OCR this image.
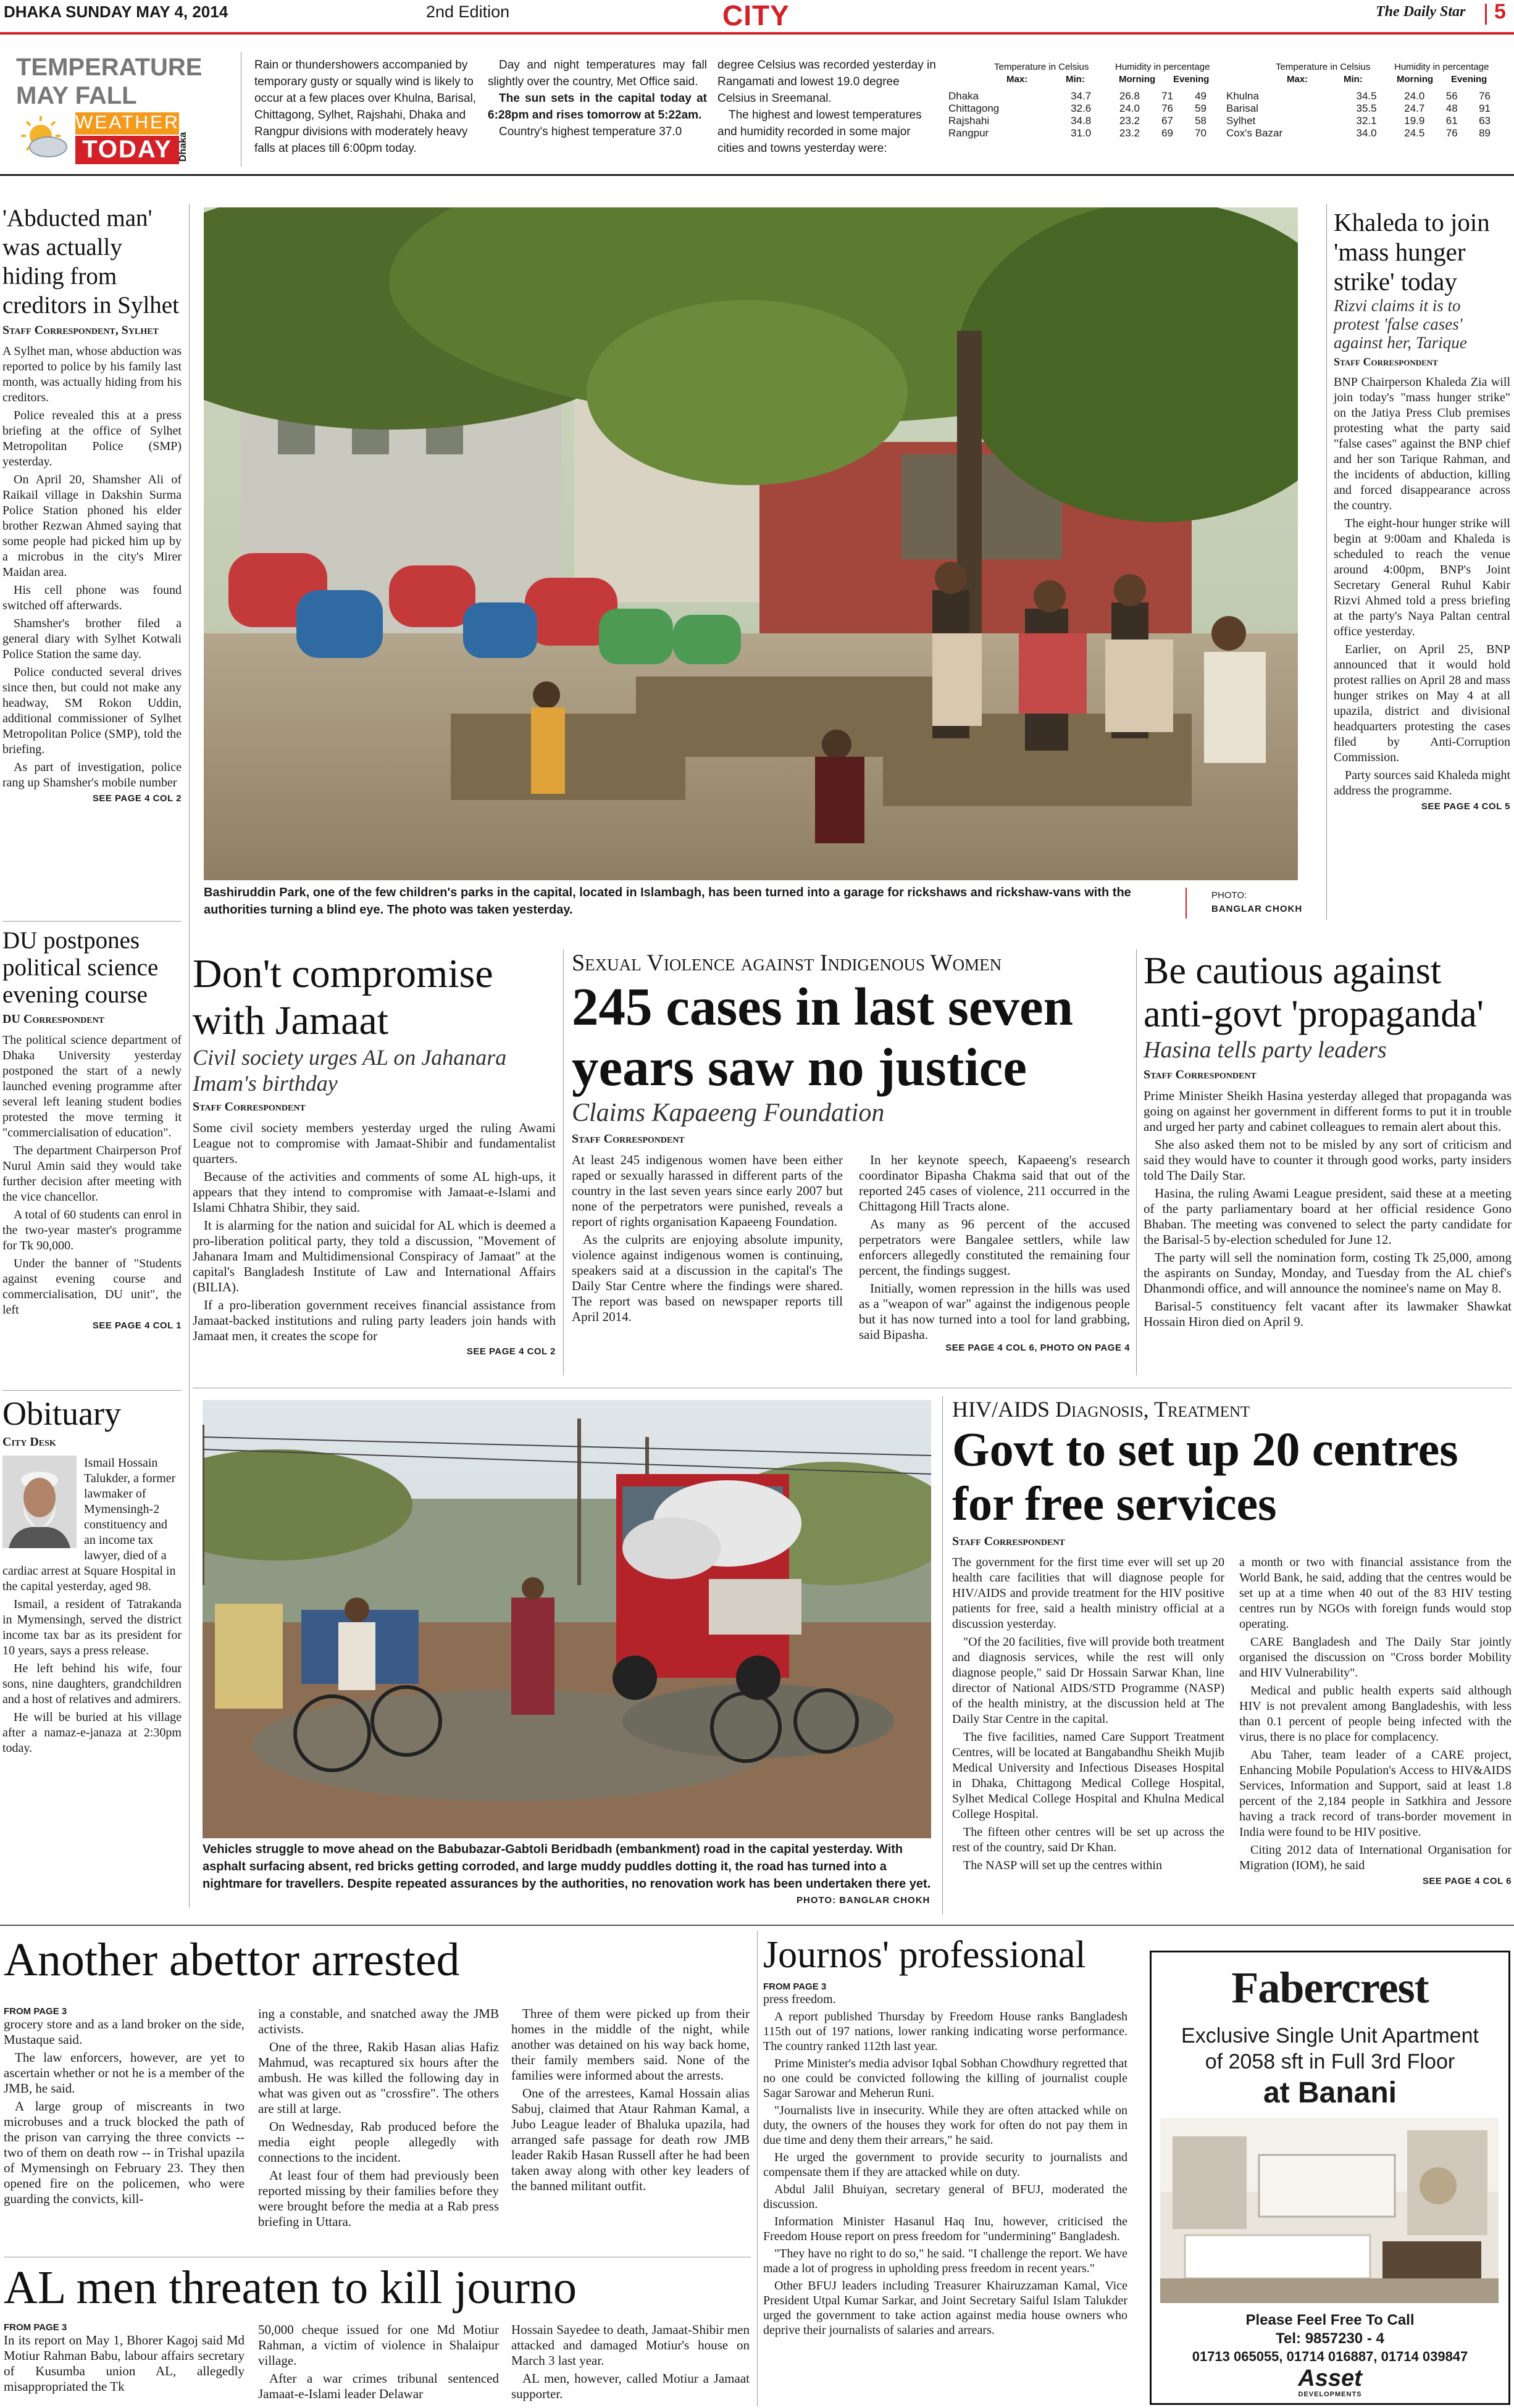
DHAKA SUNDAY MAY 4, 2014	2nd Edition	CITY	The Daily Star 5
TEMPERATURE MAY FALL
WEATHER
TODAY Dhaka
Rain or thundershowers accompanied by temporary gusty or squally wind is likely to occur at a few places over Khulna, Barisal, Chittagong, Sylhet, Rajshahi, Dhaka and Rangpur divisions with moderately heavy falls at places till 6:00pm today.
Day and night temperatures may fall slightly over the country, Met Office said.
The sun sets in the capital today at 6:28pm and rises tomorrow at 5:22am.
Country's highest temperature 37.0
degree Celsius was recorded yesterday in Rangamati and lowest 19.0 degree Celsius in Sreemanal.
The highest and lowest temperatures and humidity recorded in some major cities and towns yesterday were:
Temperature in Celsius	Humidity in percentage
Max:	Min:	Morning Evening
Dhaka	34.7	26.8	71	49
Chittagong	32.6	24.0	76	59
Rajshahi	34.8	23.2	67	58
Rangpur	31.0	23.2	69	70
Temperature in Celsius	Humidity in percentage
Max:	Min:	Morning Evening
Khulna	34.5	24.0	56	76
Barisal	35.5	24.7	48	91
Sylhet	32.1	19.9	61	63
Cox's Bazar	34.0	24.5	76	89
'Abducted man' was actually hiding from creditors in Sylhet
Staff Correspondent, Sylhet

A Sylhet man, whose abduction was reported to police by his family last month, was actually hiding from his creditors.

Police revealed this at a press briefing at the office of Sylhet Metropolitan Police (SMP) yesterday.

On April 20, Shamsher Ali of Raikail village in Dakshin Surma Police Station phoned his elder brother Rezwan Ahmed saying that some people had picked him up by a microbus in the city's Mirer Maidan area.

His cell phone was found switched off afterwards.

Shamsher's brother filed a general diary with Sylhet Kotwali Police Station the same day.

Police conducted several drives since then, but could not make any headway, SM Rokon Uddin, additional commissioner of Sylhet Metropolitan Police (SMP), told the briefing.

As part of investigation, police rang up Shamsher's mobile number

SEE PAGE 4 COL 2
DU postpones political science evening course
DU Correspondent

The political science department of Dhaka University yesterday postponed the start of a newly launched evening programme after several left leaning student bodies protested the move terming it "commercialisation of education".

The department Chairperson Prof Nurul Amin said they would take further decision after meeting with the vice chancellor.

A total of 60 students can enrol in the two-year master's programme for Tk 90,000.

Under the banner of "Students against evening course and commercialisation, DU unit", the left

SEE PAGE 4 COL 1
Obituary
City Desk

Ismail Hossain Talukder, a former lawmaker of Mymensingh-2 constituency and an income tax lawyer, died of a cardiac arrest at Square Hospital in the capital yesterday, aged 98.

Ismail, a resident of Tatrakanda in Mymensingh, served the district income tax bar as its president for 10 years, says a press release.

He left behind his wife, four sons, nine daughters, grandchildren and a host of relatives and admirers.

He will be buried at his village after a namaz-e-janaza at 2:30pm today.

Bashiruddin Park, one of the few children's parks in the capital, located in Islambagh, has been turned into a garage for rickshaws and rickshaw-vans with the authorities turning a blind eye. The photo was taken yesterday.
PHOTO:
BANGLAR CHOKH
Khaleda to join 'mass hunger strike' today
Rizvi claims it is to protest 'false cases' against her, Tarique
Staff Correspondent

BNP Chairperson Khaleda Zia will join today's "mass hunger strike" on the Jatiya Press Club premises protesting what the party said "false cases" against the BNP chief and her son Tarique Rahman, and the incidents of abduction, killing and forced disappearance across the country.

The eight-hour hunger strike will begin at 9:00am and Khaleda is scheduled to reach the venue around 4:00pm, BNP's Joint Secretary General Ruhul Kabir Rizvi Ahmed told a press briefing at the party's Naya Paltan central office yesterday.

Earlier, on April 25, BNP announced that it would hold protest rallies on April 28 and mass hunger strikes on May 4 at all upazila, district and divisional headquarters protesting the cases filed by Anti-Corruption Commission.

Party sources said Khaleda might address the programme.

SEE PAGE 4 COL 5
Don't compromise with Jamaat
Civil society urges AL on Jahanara Imam's birthday
Staff Correspondent

Some civil society members yesterday urged the ruling Awami League not to compromise with Jamaat-Shibir and fundamentalist quarters.

Because of the activities and comments of some AL high-ups, it appears that they intend to compromise with Jamaat-e-Islami and Islami Chhatra Shibir, they said.

It is alarming for the nation and suicidal for AL which is deemed a pro-liberation political party, they told a discussion, "Movement of Jahanara Imam and Multidimensional Conspiracy of Jamaat" at the capital's Bangladesh Institute of Law and International Affairs (BILIA).

If a pro-liberation government receives financial assistance from Jamaat-backed institutions and ruling party leaders join hands with Jamaat men, it creates the scope for

SEE PAGE 4 COL 2
Sexual Violence against Indigenous Women
245 cases in last seven years saw no justice
Claims Kapaeeng Foundation
Staff Correspondent

At least 245 indigenous women have been either raped or sexually harassed in different parts of the country in the last seven years since early 2007 but none of the perpetrators were punished, reveals a report of rights organisation Kapaeeng Foundation.

As the culprits are enjoying absolute impunity, violence against indigenous women is continuing, speakers said at a discussion in the capital's The Daily Star Centre where the findings were shared. The report was based on newspaper reports till April 2014.

In her keynote speech, Kapaeeng's research coordinator Bipasha Chakma said that out of the reported 245 cases of violence, 211 occurred in the Chittagong Hill Tracts alone.

As many as 96 percent of the accused perpetrators were Bangalee settlers, while law enforcers allegedly constituted the remaining four percent, the findings suggest.

Initially, women repression in the hills was used as a "weapon of war" against the indigenous people but it has now turned into a tool for land grabbing, said Bipasha.

SEE PAGE 4 COL 6, PHOTO ON PAGE 4
Be cautious against anti-govt 'propaganda'
Hasina tells party leaders
Staff Correspondent

Prime Minister Sheikh Hasina yesterday alleged that propaganda was going on against her government in different forms to put it in trouble and urged her party and cabinet colleagues to remain alert about this.

She also asked them not to be misled by any sort of criticism and said they would have to counter it through good works, party insiders told The Daily Star.

Hasina, the ruling Awami League president, said these at a meeting of the party parliamentary board at her official residence Gono Bhaban. The meeting was convened to select the party candidate for the Barisal-5 by-election scheduled for June 12.

The party will sell the nomination form, costing Tk 25,000, among the aspirants on Sunday, Monday, and Tuesday from the AL chief's Dhanmondi office, and will announce the nominee's name on May 8.

Barisal-5 constituency felt vacant after its lawmaker Shawkat Hossain Hiron died on April 9.

Vehicles struggle to move ahead on the Babubazar-Gabtoli Beridbadh (embankment) road in the capital yesterday. With asphalt surfacing absent, red bricks getting corroded, and large muddy puddles dotting it, the road has turned into a nightmare for travellers. Despite repeated assurances by the authorities, no renovation work has been undertaken there yet.
PHOTO: BANGLAR CHOKH
HIV/AIDS Diagnosis, Treatment
Govt to set up 20 centres for free services
Staff Correspondent

The government for the first time ever will set up 20 health care facilities that will diagnose people for HIV/AIDS and provide treatment for the HIV positive patients for free, said a health ministry official at a discussion yesterday.

"Of the 20 facilities, five will provide both treatment and diagnosis services, while the rest will only diagnose people," said Dr Hossain Sarwar Khan, line director of National AIDS/STD Programme (NASP) of the health ministry, at the discussion held at The Daily Star Centre in the capital.

The five facilities, named Care Support Treatment Centres, will be located at Bangabandhu Sheikh Mujib Medical University and Infectious Diseases Hospital in Dhaka, Chittagong Medical College Hospital, Sylhet Medical College Hospital and Khulna Medical College Hospital.

The fifteen other centres will be set up across the rest of the country, said Dr Khan.

The NASP will set up the centres within

a month or two with financial assistance from the World Bank, he said, adding that the centres would be set up at a time when 40 out of the 83 HIV testing centres run by NGOs with foreign funds would stop operating.

CARE Bangladesh and The Daily Star jointly organised the discussion on "Cross border Mobility and HIV Vulnerability".

Medical and public health experts said although HIV is not prevalent among Bangladeshis, with less than 0.1 percent of people being infected with the virus, there is no place for complacency.

Abu Taher, team leader of a CARE project, Enhancing Mobile Population's Access to HIV&AIDS Services, Information and Support, said at least 1.8 percent of the 2,184 people in Satkhira and Jessore having a track record of trans-border movement in India were found to be HIV positive.

Citing 2012 data of International Organisation for Migration (IOM), he said

SEE PAGE 4 COL 6
Another abettor arrested
FROM PAGE 3

grocery store and as a land broker on the side, Mustaque said.

The law enforcers, however, are yet to ascertain whether or not he is a member of the JMB, he said.

A large group of miscreants in two microbuses and a truck blocked the path of the prison van carrying the three convicts -- two of them on death row -- in Trishal upazila of Mymensingh on February 23. They then opened fire on the policemen, who were guarding the convicts, kill-

ing a constable, and snatched away the JMB activists.

One of the three, Rakib Hasan alias Hafiz Mahmud, was recaptured six hours after the ambush. He was killed the following day in what was given out as "crossfire". The others are still at large.

On Wednesday, Rab produced before the media eight people allegedly with connections to the incident.

At least four of them had previously been reported missing by their families before they were brought before the media at a Rab press briefing in Uttara.

Three of them were picked up from their homes in the middle of the night, while another was detained on his way back home, their family members said. None of the families were informed about the arrests.

One of the arrestees, Kamal Hossain alias Sabuj, claimed that Ataur Rahman Kamal, a Jubo League leader of Bhaluka upazila, had arranged safe passage for death row JMB leader Rakib Hasan Russell after he had been taken away along with other key leaders of the banned militant outfit.

AL men threaten to kill journo
FROM PAGE 3

In its report on May 1, Bhorer Kagoj said Md Motiur Rahman Babu, labour affairs secretary of Kusumba union AL, allegedly misappropriated the Tk

50,000 cheque issued for one Md Motiur Rahman, a victim of violence in Shalaipur village.

After a war crimes tribunal sentenced Jamaat-e-Islami leader Delawar

Hossain Sayedee to death, Jamaat-Shibir men attacked and damaged Motiur's house on March 3 last year.

AL men, however, called Motiur a Jamaat supporter.

Journos' professional
FROM PAGE 3

press freedom.

A report published Thursday by Freedom House ranks Bangladesh 115th out of 197 nations, lower ranking indicating worse performance. The country ranked 112th last year.

Prime Minister's media advisor Iqbal Sobhan Chowdhury regretted that no one could be convicted following the killing of journalist couple Sagar Sarowar and Meherun Runi.

"Journalists live in insecurity. While they are often attacked while on duty, the owners of the houses they work for often do not pay them in due time and deny them their arrears," he said.

He urged the government to provide security to journalists and compensate them if they are attacked while on duty.

Abdul Jalil Bhuiyan, secretary general of BFUJ, moderated the discussion.

Information Minister Hasanul Haq Inu, however, criticised the Freedom House report on press freedom for "undermining" Bangladesh.

"They have no right to do so," he said. "I challenge the report. We have made a lot of progress in upholding press freedom in recent years."

Other BFUJ leaders including Treasurer Khairuzzaman Kamal, Vice President Utpal Kumar Sarkar, and Joint Secretary Saiful Islam Talukder urged the government to take action against media house owners who deprive their journalists of salaries and arrears.

Fabercrest
Exclusive Single Unit Apartment
of 2058 sft in Full 3rd Floor
at Banani
Please Feel Free To Call
Tel: 9857230 - 4
01713 065055, 01714 016887, 01714 039847
Asset
DEVELOPMENTS
